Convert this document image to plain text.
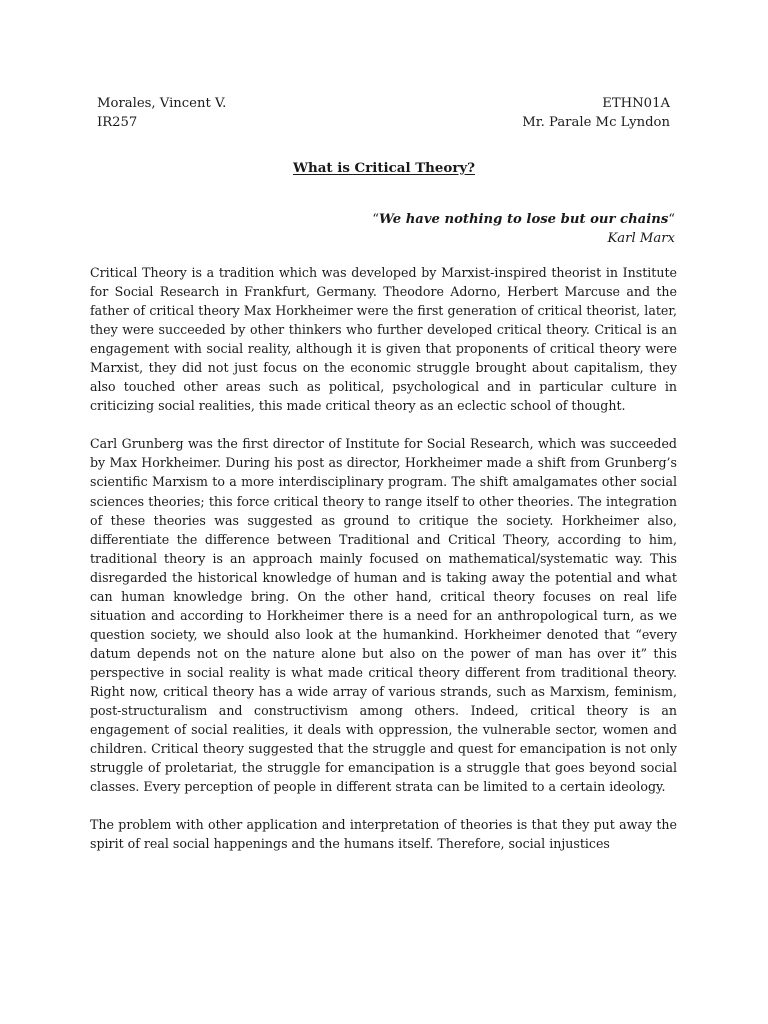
Morales, Vincent V.	ETHN01A
IR257	Mr. Parale Mc Lyndon
What is Critical Theory?
“We have nothing to lose but our chains“
Karl Marx

Critical Theory is a tradition which was developed by Marxist-inspired theorist in Institute for Social Research in Frankfurt, Germany. Theodore Adorno, Herbert Marcuse and the father of critical theory Max Horkheimer were the first generation of critical theorist, later, they were succeeded by other thinkers who further developed critical theory. Critical is an engagement with social reality, although it is given that proponents of critical theory were Marxist, they did not just focus on the economic struggle brought about capitalism, they also touched other areas such as political, psychological and in particular culture in criticizing social realities, this made critical theory as an eclectic school of thought.

Carl Grunberg was the first director of Institute for Social Research, which was succeeded by Max Horkheimer. During his post as director, Horkheimer made a shift from Grunberg’s scientific Marxism to a more interdisciplinary program. The shift amalgamates other social sciences theories; this force critical theory to range itself to other theories. The integration of these theories was suggested as ground to critique the society. Horkheimer also, differentiate the difference between Traditional and Critical Theory, according to him, traditional theory is an approach mainly focused on mathematical/systematic way. This disregarded the historical knowledge of human and is taking away the potential and what can human knowledge bring. On the other hand, critical theory focuses on real life situation and according to Horkheimer there is a need for an anthropological turn, as we question society, we should also look at the humankind. Horkheimer denoted that “every datum depends not on the nature alone but also on the power of man has over it” this perspective in social reality is what made critical theory different from traditional theory. Right now, critical theory has a wide array of various strands, such as Marxism, feminism, post-structuralism and constructivism among others. Indeed, critical theory is an engagement of social realities, it deals with oppression, the vulnerable sector, women and children. Critical theory suggested that the struggle and quest for emancipation is not only struggle of proletariat, the struggle for emancipation is a struggle that goes beyond social classes. Every perception of people in different strata can be limited to a certain ideology.

The problem with other application and interpretation of theories is that they put away the spirit of real social happenings and the humans itself. Therefore, social injustices
